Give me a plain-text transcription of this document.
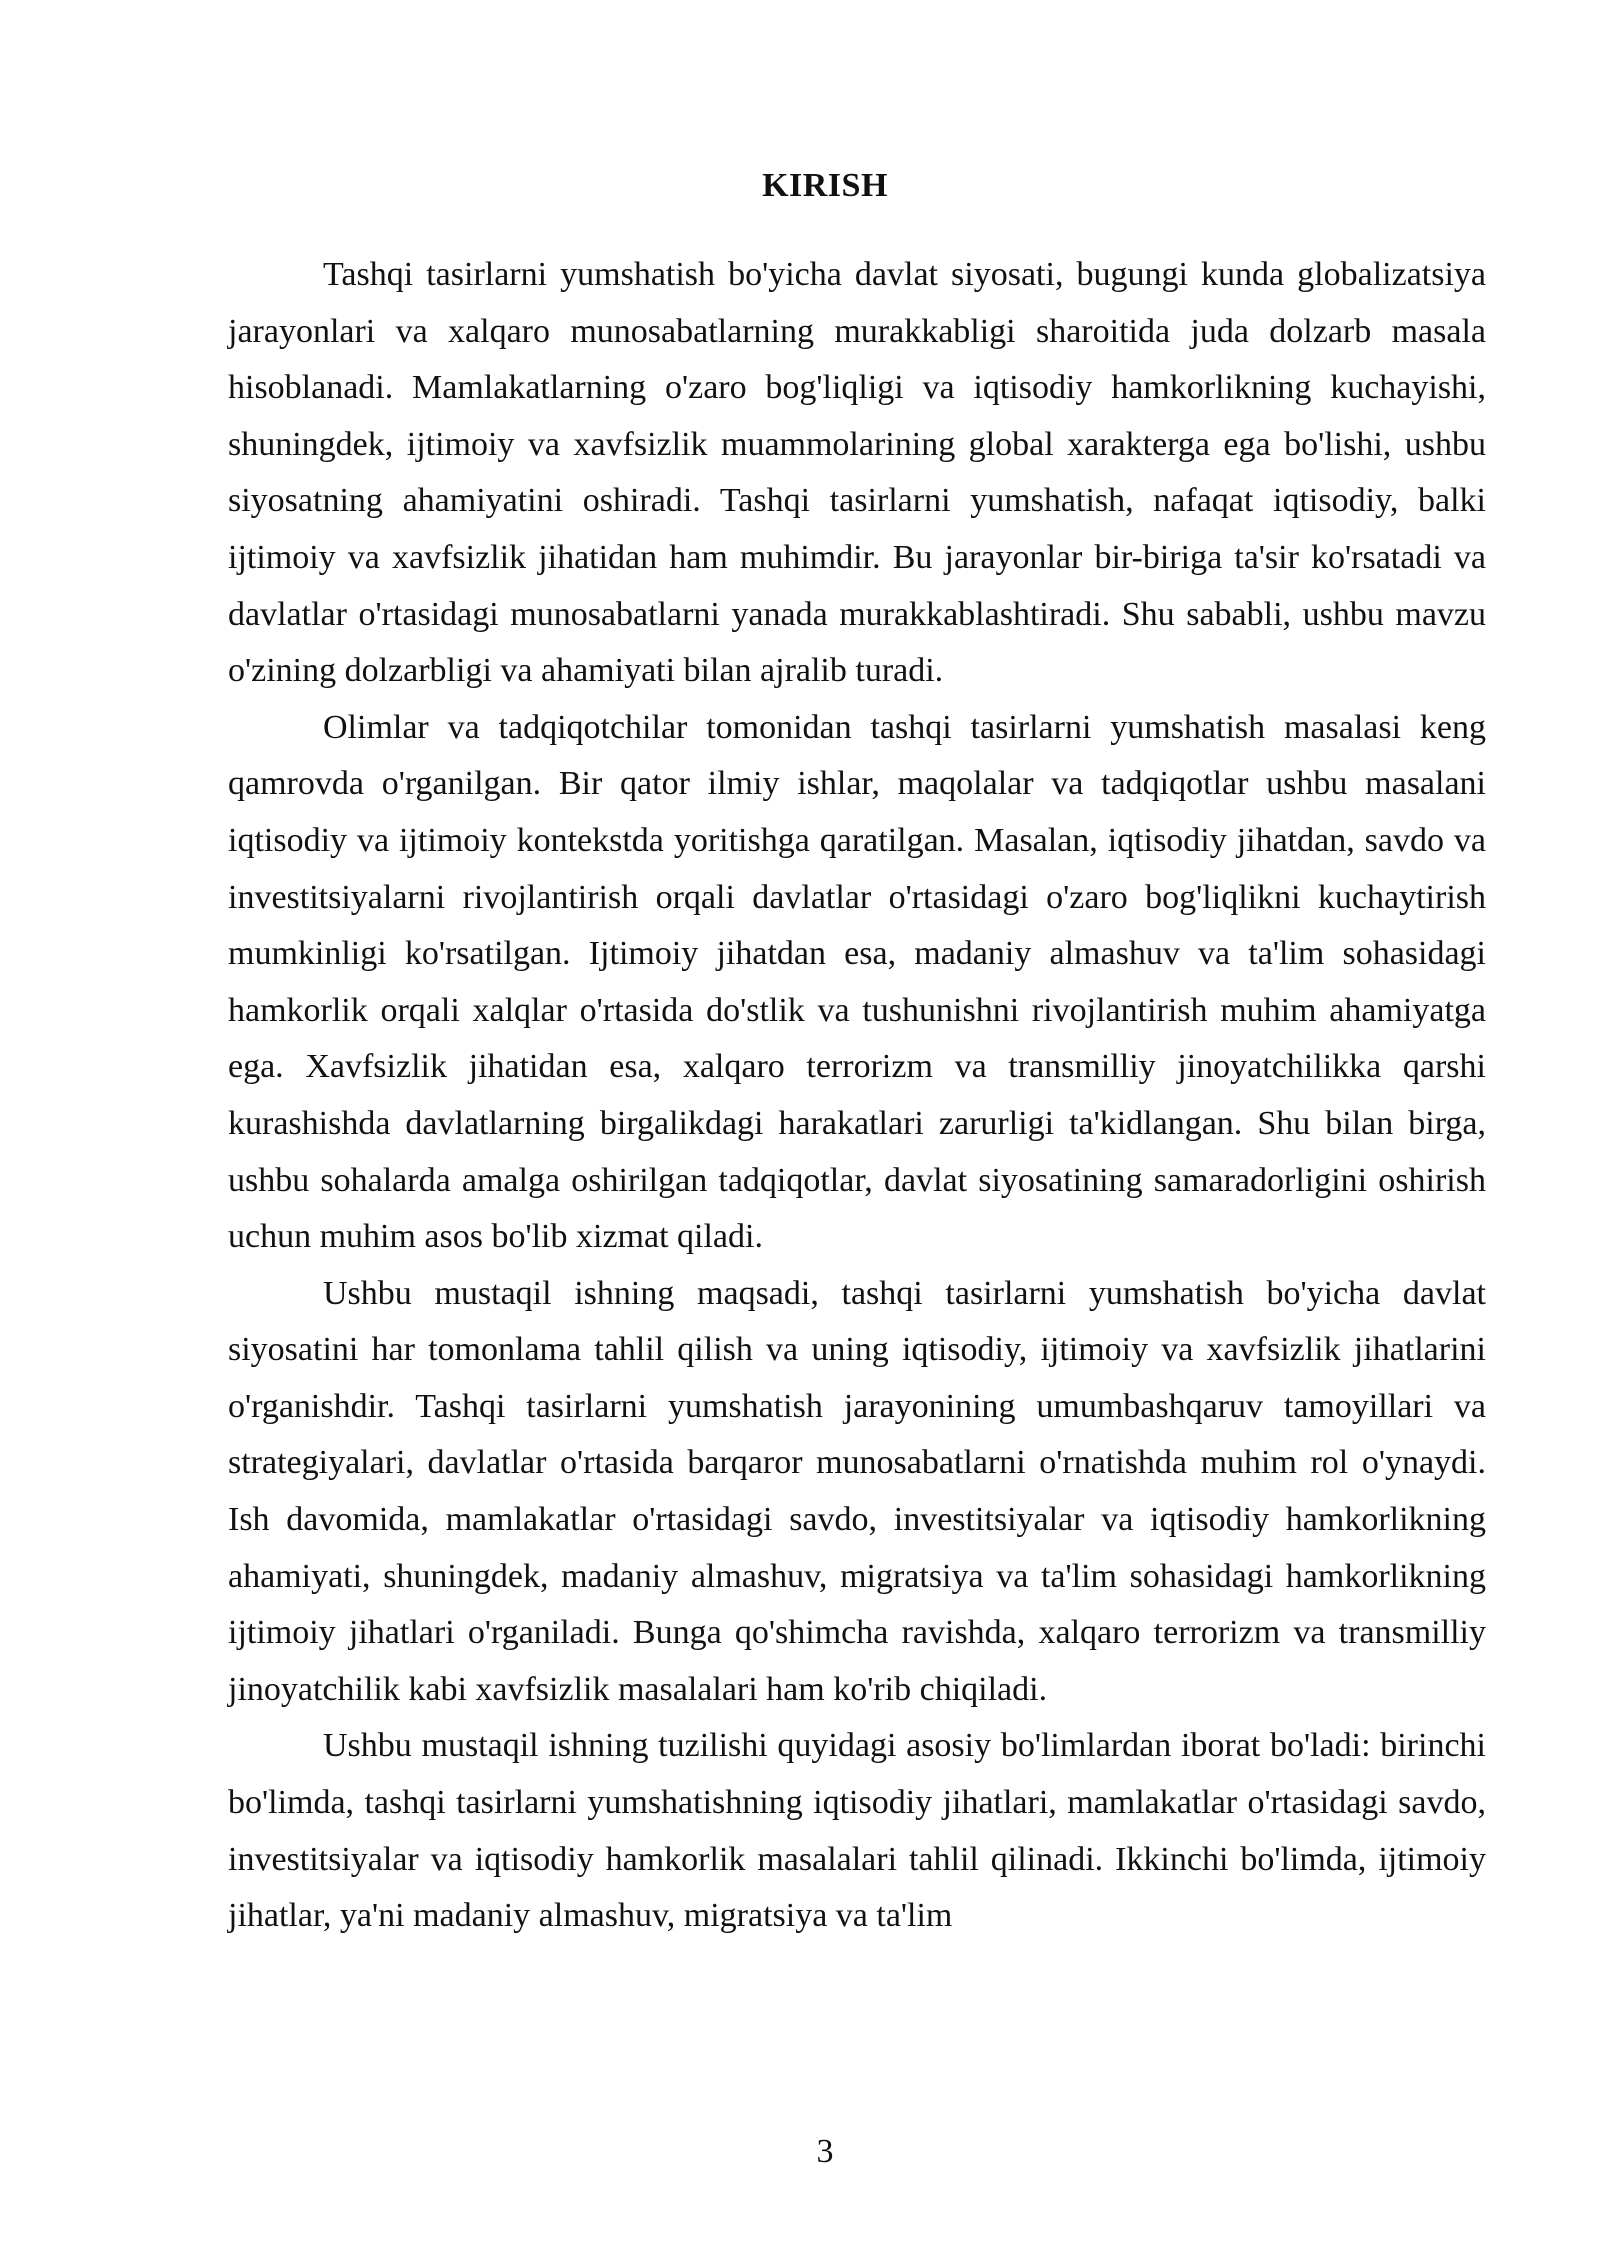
KIRISH

Tashqi tasirlarni yumshatish bo'yicha davlat siyosati, bugungi kunda globalizatsiya jarayonlari va xalqaro munosabatlarning murakkabligi sharoitida juda dolzarb masala hisoblanadi. Mamlakatlarning o'zaro bog'liqligi va iqtisodiy hamkorlikning kuchayishi, shuningdek, ijtimoiy va xavfsizlik muammolarining global xarakterga ega bo'lishi, ushbu siyosatning ahamiyatini oshiradi. Tashqi tasirlarni yumshatish, nafaqat iqtisodiy, balki ijtimoiy va xavfsizlik jihatidan ham muhimdir. Bu jarayonlar bir-biriga ta'sir ko'rsatadi va davlatlar o'rtasidagi munosabatlarni yanada murakkablashtiradi. Shu sababli, ushbu mavzu o'zining dolzarbligi va ahamiyati bilan ajralib turadi.

Olimlar va tadqiqotchilar tomonidan tashqi tasirlarni yumshatish masalasi keng qamrovda o'rganilgan. Bir qator ilmiy ishlar, maqolalar va tadqiqotlar ushbu masalani iqtisodiy va ijtimoiy kontekstda yoritishga qaratilgan. Masalan, iqtisodiy jihatdan, savdo va investitsiyalarni rivojlantirish orqali davlatlar o'rtasidagi o'zaro bog'liqlikni kuchaytirish mumkinligi ko'rsatilgan. Ijtimoiy jihatdan esa, madaniy almashuv va ta'lim sohasidagi hamkorlik orqali xalqlar o'rtasida do'stlik va tushunishni rivojlantirish muhim ahamiyatga ega. Xavfsizlik jihatidan esa, xalqaro terrorizm va transmilliy jinoyatchilikka qarshi kurashishda davlatlarning birgalikdagi harakatlari zarurligi ta'kidlangan. Shu bilan birga, ushbu sohalarda amalga oshirilgan tadqiqotlar, davlat siyosatining samaradorligini oshirish uchun muhim asos bo'lib xizmat qiladi.

Ushbu mustaqil ishning maqsadi, tashqi tasirlarni yumshatish bo'yicha davlat siyosatini har tomonlama tahlil qilish va uning iqtisodiy, ijtimoiy va xavfsizlik jihatlarini o'rganishdir. Tashqi tasirlarni yumshatish jarayonining umumbashqaruv tamoyillari va strategiyalari, davlatlar o'rtasida barqaror munosabatlarni o'rnatishda muhim rol o'ynaydi. Ish davomida, mamlakatlar o'rtasidagi savdo, investitsiyalar va iqtisodiy hamkorlikning ahamiyati, shuningdek, madaniy almashuv, migratsiya va ta'lim sohasidagi hamkorlikning ijtimoiy jihatlari o'rganiladi. Bunga qo'shimcha ravishda, xalqaro terrorizm va transmilliy jinoyatchilik kabi xavfsizlik masalalari ham ko'rib chiqiladi.

Ushbu mustaqil ishning tuzilishi quyidagi asosiy bo'limlardan iborat bo'ladi: birinchi bo'limda, tashqi tasirlarni yumshatishning iqtisodiy jihatlari, mamlakatlar o'rtasidagi savdo, investitsiyalar va iqtisodiy hamkorlik masalalari tahlil qilinadi. Ikkinchi bo'limda, ijtimoiy jihatlar, ya'ni madaniy almashuv, migratsiya va ta'lim

3
